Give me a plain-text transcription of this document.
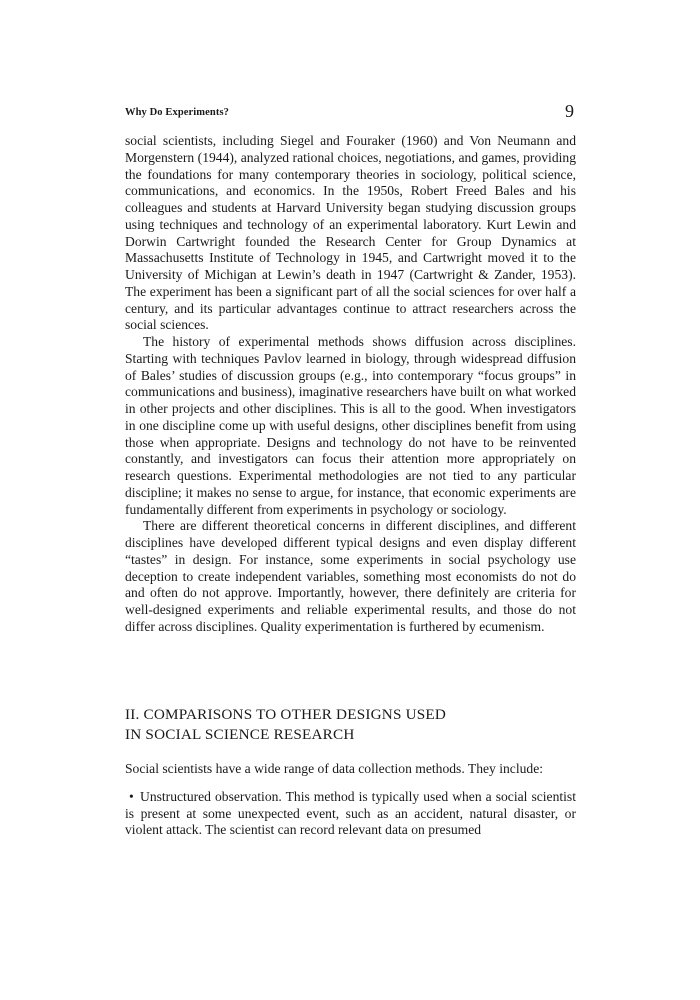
Why Do Experiments?	9

social scientists, including Siegel and Fouraker (1960) and Von Neumann and Morgenstern (1944), analyzed rational choices, negotiations, and games, providing the foundations for many contemporary theories in sociology, political science, communications, and economics. In the 1950s, Robert Freed Bales and his colleagues and students at Harvard University began studying discussion groups using techniques and technology of an experimental laboratory. Kurt Lewin and Dorwin Cartwright founded the Research Center for Group Dynamics at Massachusetts Institute of Technology in 1945, and Cartwright moved it to the University of Michigan at Lewin’s death in 1947 (Cartwright & Zander, 1953). The experiment has been a significant part of all the social sciences for over half a century, and its particular advantages continue to attract researchers across the social sciences.

The history of experimental methods shows diffusion across disciplines. Starting with techniques Pavlov learned in biology, through widespread diffusion of Bales’ studies of discussion groups (e.g., into contemporary “focus groups” in communications and business), imaginative researchers have built on what worked in other projects and other disciplines. This is all to the good. When investigators in one discipline come up with useful designs, other disciplines benefit from using those when appropriate. Designs and technology do not have to be reinvented constantly, and investigators can focus their attention more appropriately on research questions. Experimental methodologies are not tied to any particular discipline; it makes no sense to argue, for instance, that economic experiments are fundamentally different from experiments in psychology or sociology.

There are different theoretical concerns in different disciplines, and different disciplines have developed different typical designs and even display different “tastes” in design. For instance, some experiments in social psychology use deception to create independent variables, something most economists do not do and often do not approve. Importantly, however, there definitely are criteria for well-designed experiments and reliable experimental results, and those do not differ across disciplines. Quality experimentation is furthered by ecumenism.

II. COMPARISONS TO OTHER DESIGNS USED
IN SOCIAL SCIENCE RESEARCH

Social scientists have a wide range of data collection methods. They include:

• Unstructured observation. This method is typically used when a social scientist is present at some unexpected event, such as an accident, natural disaster, or violent attack. The scientist can record relevant data on presumed
